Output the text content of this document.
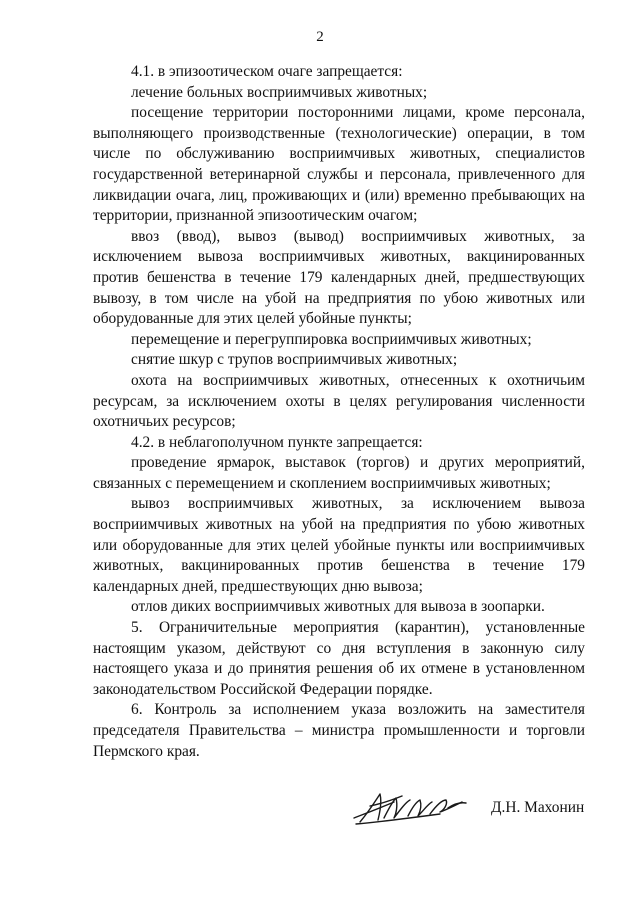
2

4.1. в эпизоотическом очаге запрещается:

лечение больных восприимчивых животных;

посещение территории посторонними лицами, кроме персонала, выполняющего производственные (технологические) операции, в том числе по обслуживанию восприимчивых животных, специалистов государственной ветеринарной службы и персонала, привлеченного для ликвидации очага, лиц, проживающих и (или) временно пребывающих на территории, признанной эпизоотическим очагом;

ввоз (ввод), вывоз (вывод) восприимчивых животных, за исключением вывоза восприимчивых животных, вакцинированных против бешенства в течение 179 календарных дней, предшествующих вывозу, в том числе на убой на предприятия по убою животных или оборудованные для этих целей убойные пункты;

перемещение и перегруппировка восприимчивых животных;

снятие шкур с трупов восприимчивых животных;

охота на восприимчивых животных, отнесенных к охотничьим ресурсам, за исключением охоты в целях регулирования численности охотничьих ресурсов;

4.2. в неблагополучном пункте запрещается:

проведение ярмарок, выставок (торгов) и других мероприятий, связанных с перемещением и скоплением восприимчивых животных;

вывоз восприимчивых животных, за исключением вывоза восприимчивых животных на убой на предприятия по убою животных или оборудованные для этих целей убойные пункты или восприимчивых животных, вакцинированных против бешенства в течение 179 календарных дней, предшествующих дню вывоза;

отлов диких восприимчивых животных для вывоза в зоопарки.

5. Ограничительные мероприятия (карантин), установленные настоящим указом, действуют со дня вступления в законную силу настоящего указа и до принятия решения об их отмене в установленном законодательством Российской Федерации порядке.

6. Контроль за исполнением указа возложить на заместителя председателя Правительства – министра промышленности и торговли Пермского края.

Д.Н. Махонин
